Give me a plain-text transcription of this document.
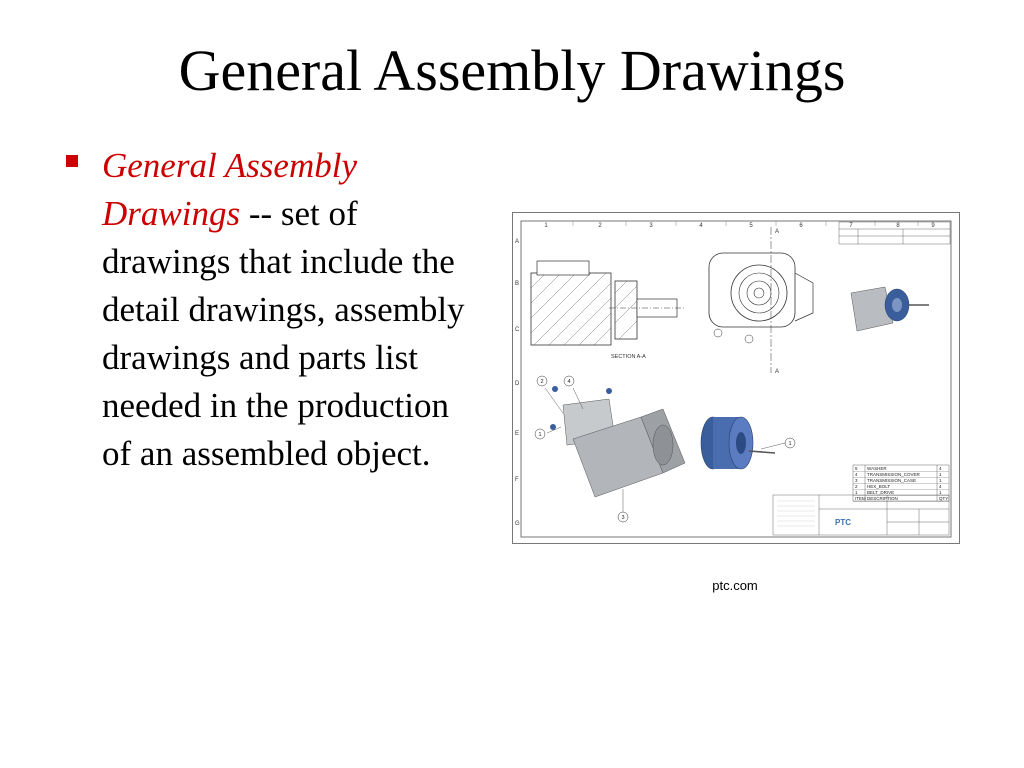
General Assembly Drawings
General Assembly Drawings -- set of drawings that include the detail drawings, assembly drawings and parts list needed in the production of an assembled object.
1	2	3	4	5	6	7	8	9
A
B
C
D
E
F
G
SECTION A-A
A
A
2	4
1
3
1
5 WASHER	4
4 TRANSMISSION_COVER	1
3 TRANSMISSION_CASE	1
2 HEX_BOLT	4
1 BELT_DRIVE	1
ITEM DESCRIPTION	QTY
PTC
ptc.com
